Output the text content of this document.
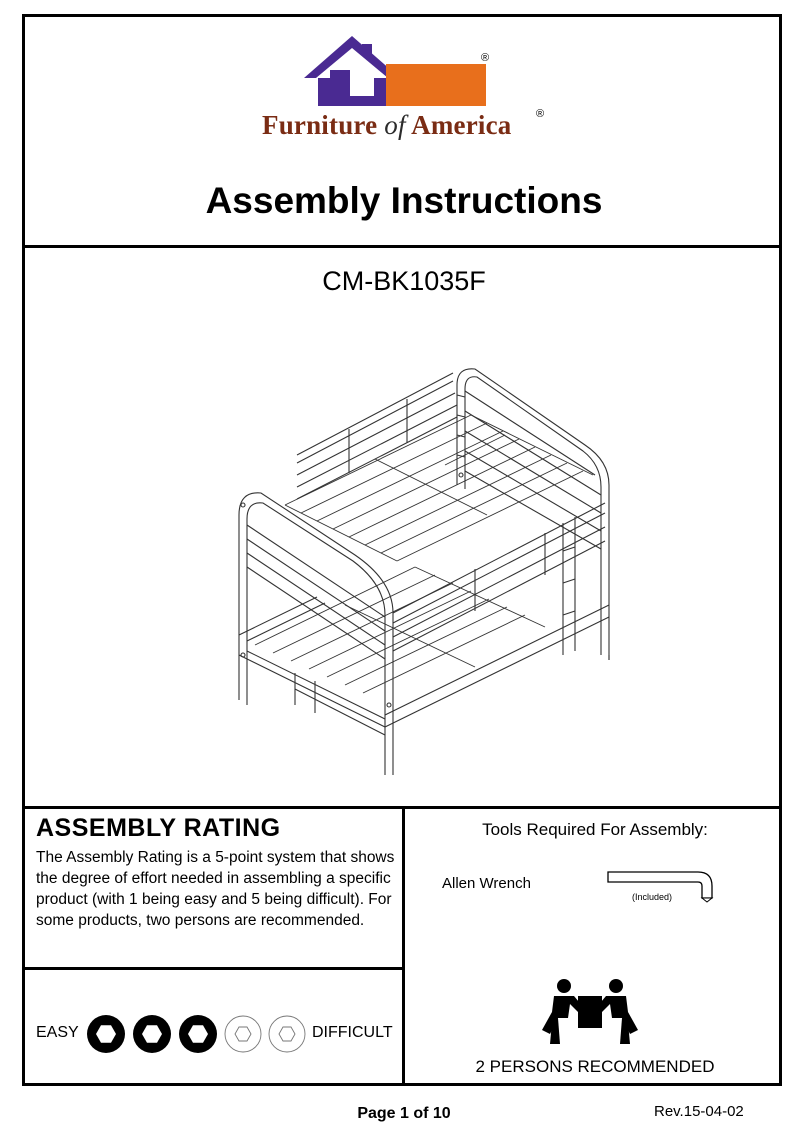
®
Furniture of America	®
Assembly Instructions
CM-BK1035F
ASSEMBLY RATING
The Assembly Rating is a 5-point system that shows the degree of effort needed in assembling a specific product (with 1 being easy and 5 being difficult). For some products, two persons are recommended.
EASY	DIFFICULT
Tools Required For Assembly:
Allen Wrench
(Included)
2 PERSONS RECOMMENDED
Page 1 of 10	Rev.15-04-02
